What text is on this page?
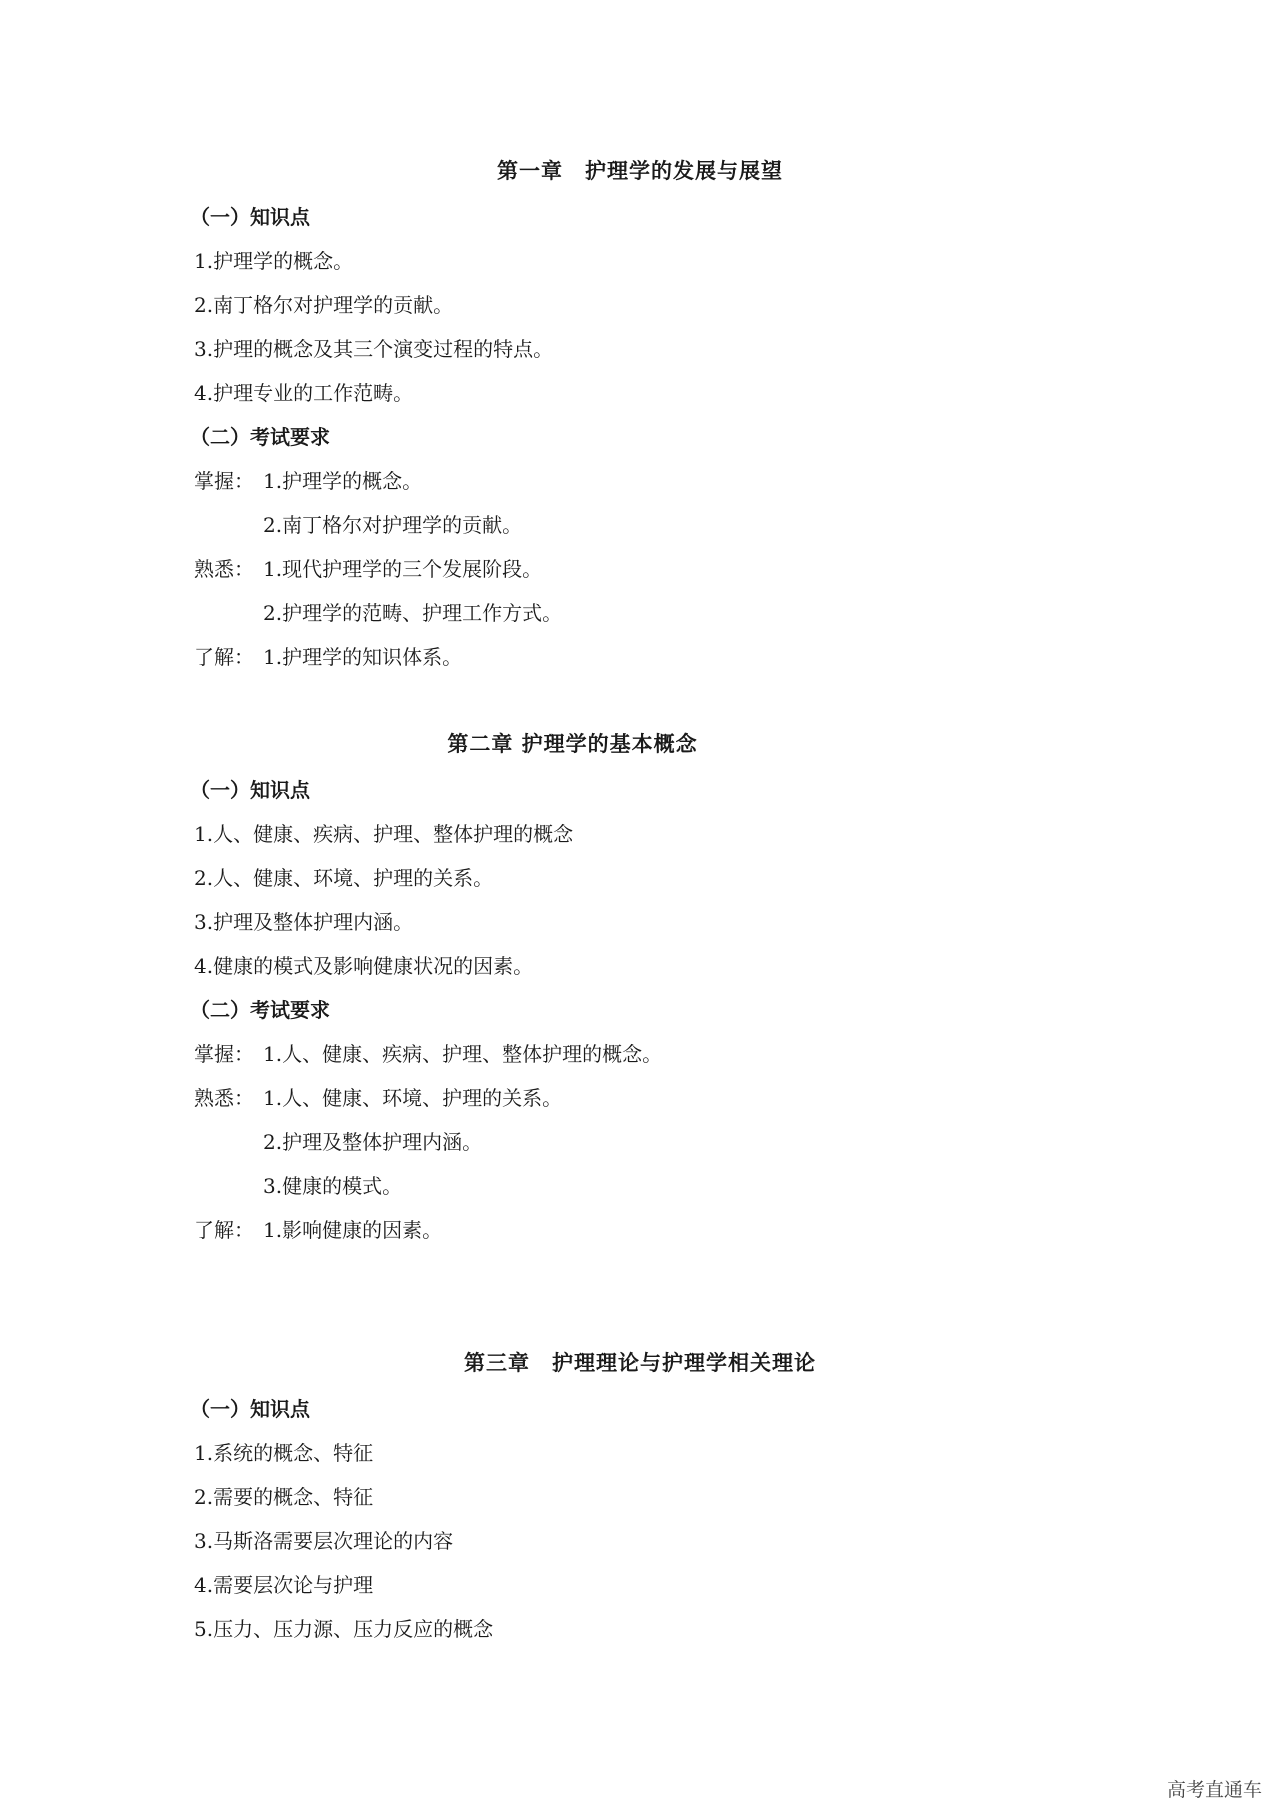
第一章　护理学的发展与展望
（一）知识点
1.护理学的概念。
2.南丁格尔对护理学的贡献。
3.护理的概念及其三个演变过程的特点。
4.护理专业的工作范畴。
（二）考试要求
掌握： 1.护理学的概念。
2.南丁格尔对护理学的贡献。
熟悉： 1.现代护理学的三个发展阶段。
2.护理学的范畴、护理工作方式。
了解： 1.护理学的知识体系。
第二章 护理学的基本概念
（一）知识点
1.人、健康、疾病、护理、整体护理的概念
2.人、健康、环境、护理的关系。
3.护理及整体护理内涵。
4.健康的模式及影响健康状况的因素。
（二）考试要求
掌握： 1.人、健康、疾病、护理、整体护理的概念。
熟悉： 1.人、健康、环境、护理的关系。
2.护理及整体护理内涵。
3.健康的模式。
了解： 1.影响健康的因素。
第三章　护理理论与护理学相关理论
（一）知识点
1.系统的概念、特征
2.需要的概念、特征
3.马斯洛需要层次理论的内容
4.需要层次论与护理
5.压力、压力源、压力反应的概念
高考直通车
